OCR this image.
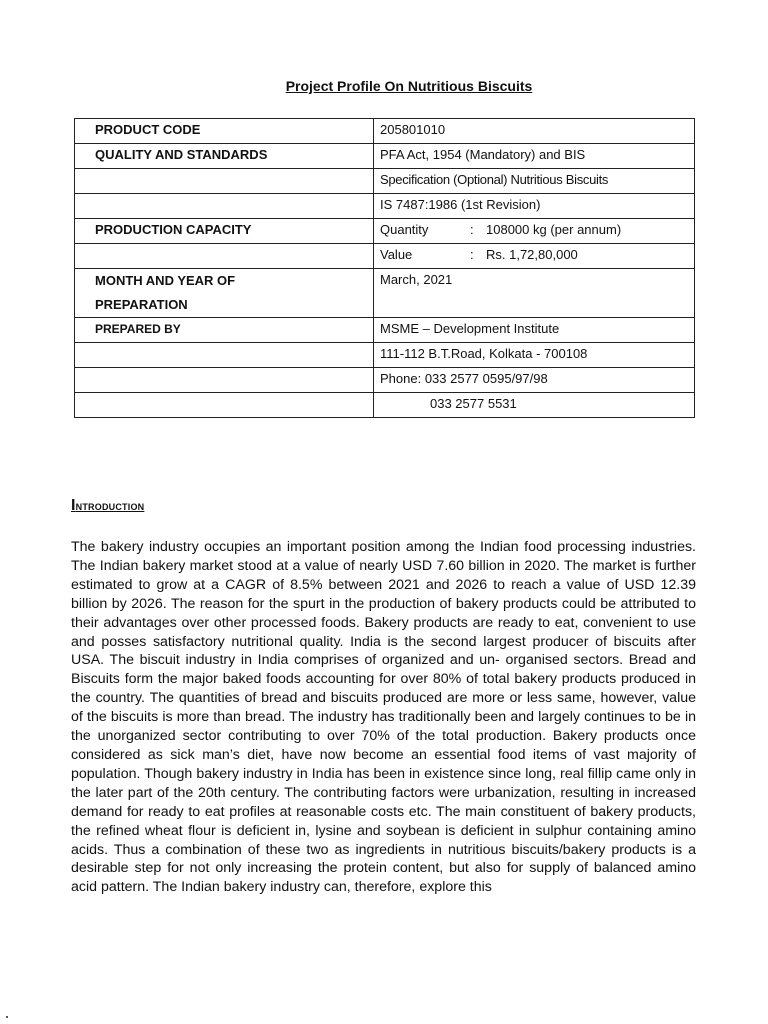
Project Profile On Nutritious Biscuits
PRODUCT CODE	205801010
QUALITY AND STANDARDS	PFA Act, 1954 (Mandatory) and BIS
	Specification (Optional) Nutritious Biscuits
	IS 7487:1986 (1st Revision)
PRODUCTION CAPACITY	Quantity : 108000 kg (per annum)
	Value : Rs. 1,72,80,000

MONTH AND YEAR OF
PREPARATION	March, 2021
PREPARED BY	MSME – Development Institute
	111-112 B.T.Road, Kolkata - 700108
	Phone: 033 2577 0595/97/98
	033 2577 5531
Introduction

The bakery industry occupies an important position among the Indian food processing industries. The Indian bakery market stood at a value of nearly USD 7.60 billion in 2020. The market is further estimated to grow at a CAGR of 8.5% between 2021 and 2026 to reach a value of USD 12.39 billion by 2026. The reason for the spurt in the production of bakery products could be attributed to their advantages over other processed foods. Bakery products are ready to eat, convenient to use and posses satisfactory nutritional quality. India is the second largest producer of biscuits after USA. The biscuit industry in India comprises of organized and un- organised sectors. Bread and Biscuits form the major baked foods accounting for over 80% of total bakery products produced in the country. The quantities of bread and biscuits produced are more or less same, however, value of the biscuits is more than bread. The industry has traditionally been and largely continues to be in the unorganized sector contributing to over 70% of the total production. Bakery products once considered as sick man’s diet, have now become an essential food items of vast majority of population. Though bakery industry in India has been in existence since long, real fillip came only in the later part of the 20th century. The contributing factors were urbanization, resulting in increased demand for ready to eat profiles at reasonable costs etc. The main constituent of bakery products, the refined wheat flour is deficient in, lysine and soybean is deficient in sulphur containing amino acids. Thus a combination of these two as ingredients in nutritious biscuits/bakery products is a desirable step for not only increasing the protein content, but also for supply of balanced amino acid pattern. The Indian bakery industry can, therefore, explore this
